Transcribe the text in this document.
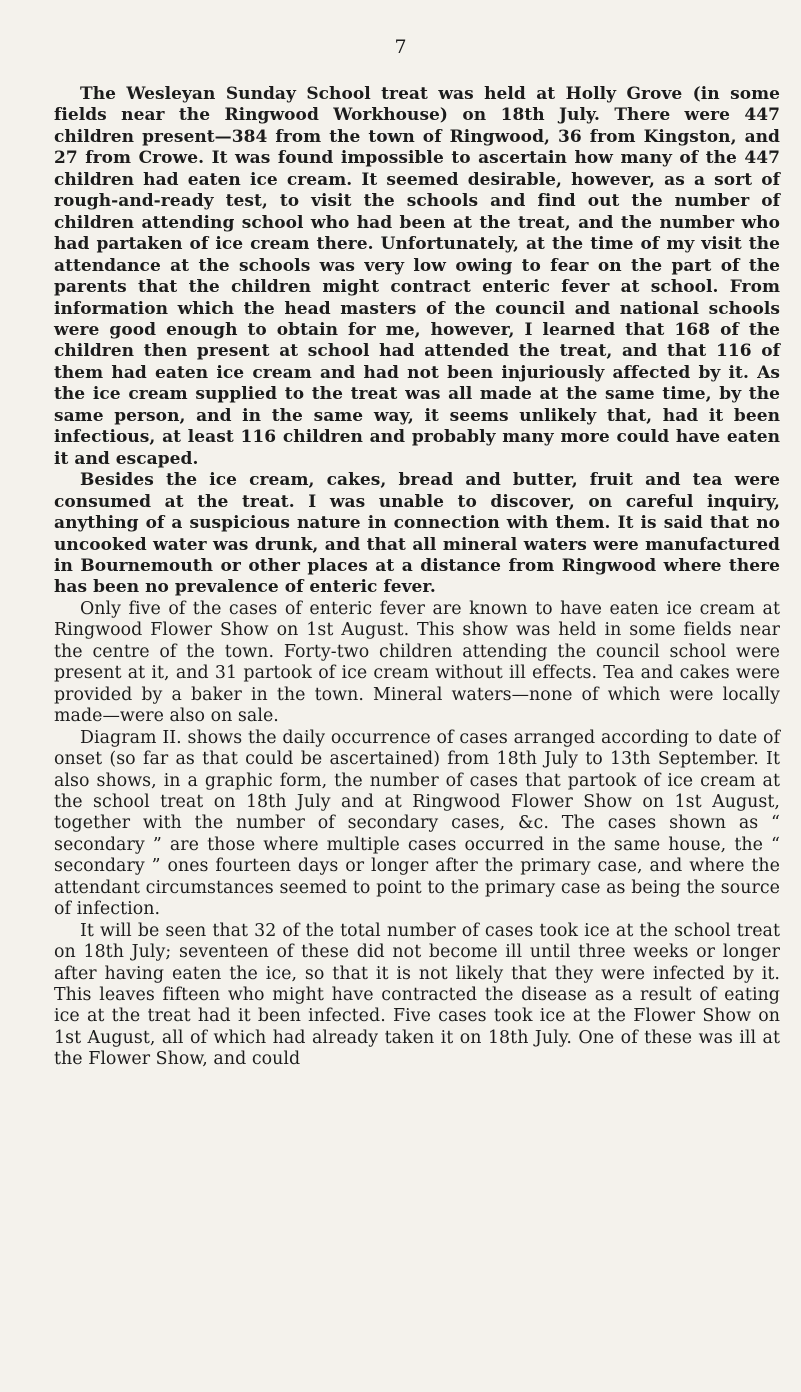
7

The Wesleyan Sunday School treat was held at Holly Grove (in some fields near the Ringwood Workhouse) on 18th July. There were 447 children present—384 from the town of Ringwood, 36 from Kingston, and 27 from Crowe. It was found impossible to ascertain how many of the 447 children had eaten ice cream. It seemed desirable, however, as a sort of rough-and-ready test, to visit the schools and find out the number of children attending school who had been at the treat, and the number who had partaken of ice cream there. Unfortunately, at the time of my visit the attendance at the schools was very low owing to fear on the part of the parents that the children might contract enteric fever at school. From information which the head masters of the council and national schools were good enough to obtain for me, however, I learned that 168 of the children then present at school had attended the treat, and that 116 of them had eaten ice cream and had not been injuriously affected by it. As the ice cream supplied to the treat was all made at the same time, by the same person, and in the same way, it seems unlikely that, had it been infectious, at least 116 children and probably many more could have eaten it and escaped.

Besides the ice cream, cakes, bread and butter, fruit and tea were consumed at the treat. I was unable to discover, on careful inquiry, anything of a suspicious nature in connection with them. It is said that no uncooked water was drunk, and that all mineral waters were manufactured in Bournemouth or other places at a distance from Ringwood where there has been no prevalence of enteric fever.

Only five of the cases of enteric fever are known to have eaten ice cream at Ringwood Flower Show on 1st August. This show was held in some fields near the centre of the town. Forty-two children attending the council school were present at it, and 31 partook of ice cream without ill effects. Tea and cakes were provided by a baker in the town. Mineral waters—none of which were locally made—were also on sale.

Diagram II. shows the daily occurrence of cases arranged according to date of onset (so far as that could be ascertained) from 18th July to 13th September. It also shows, in a graphic form, the number of cases that partook of ice cream at the school treat on 18th July and at Ringwood Flower Show on 1st August, together with the number of secondary cases, &c. The cases shown as “ secondary ” are those where multiple cases occurred in the same house, the “ secondary ” ones fourteen days or longer after the primary case, and where the attendant circumstances seemed to point to the primary case as being the source of infection.

It will be seen that 32 of the total number of cases took ice at the school treat on 18th July; seventeen of these did not become ill until three weeks or longer after having eaten the ice, so that it is not likely that they were infected by it. This leaves fifteen who might have contracted the disease as a result of eating ice at the treat had it been infected. Five cases took ice at the Flower Show on 1st August, all of which had already taken it on 18th July. One of these was ill at the Flower Show, and could
